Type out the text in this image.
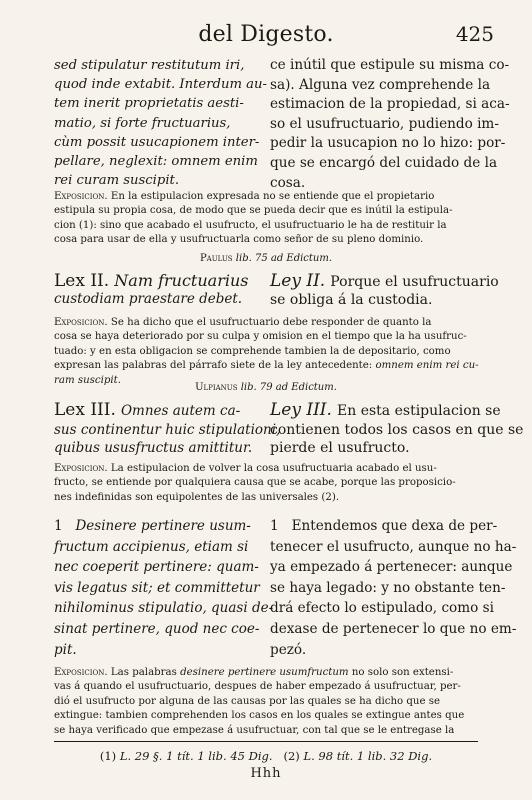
del Digesto.	425
sed stipulatur restitutum iri,
quod inde extabit. Interdum au-
tem inerit proprietatis aesti-
matio, si forte fructuarius,
cùm possit usucapionem inter-
pellare, neglexit: omnem enim
rei curam suscipit.
ce inútil que estipule su misma co-
sa). Alguna vez comprehende la
estimacion de la propiedad, si aca-
so el usufructuario, pudiendo im-
pedir la usucapion no lo hizo: por-
que se encargó del cuidado de la
cosa.
Exposicion. En la estipulacion expresada no se entiende que el propietario
estipula su propia cosa, de modo que se pueda decir que es inútil la estipula-
cion (1): sino que acabado el usufructo, el usufructuario le ha de restituir la
cosa para usar de ella y usufructuarla como señor de su pleno dominio.
Paulus lib. 75 ad Edictum.
Lex II. Nam fructuarius
custodiam praestare debet.
Ley II. Porque el usufructuario
se obliga á la custodia.
Exposicion. Se ha dicho que el usufructuario debe responder de quanto la
cosa se haya deteriorado por su culpa y omision en el tiempo que la ha usufruc-
tuado: y en esta obligacion se comprehende tambien la de depositario, como
expresan las palabras del párrafo siete de la ley antecedente: omnem enim rei cu-
ram suscipit.
Ulpianus lib. 79 ad Edictum.
Lex III. Omnes autem ca-
sus continentur huic stipulationi,
quibus ususfructus amittitur.
Ley III. En esta estipulacion se
contienen todos los casos en que se
pierde el usufructo.
Exposicion. La estipulacion de volver la cosa usufructuaria acabado el usu-
fructo, se entiende por qualquiera causa que se acabe, porque las proposicio-
nes indefinidas son equipolentes de las universales (2).
1 Desinere pertinere usum-
fructum accipienus, etiam si
nec coeperit pertinere: quam-
vis legatus sit; et committetur
nihilominus stipulatio, quasi de-
sinat pertinere, quod nec coe-
pit.
1 Entendemos que dexa de per-
tenecer el usufructo, aunque no ha-
ya empezado á pertenecer: aunque
se haya legado: y no obstante ten-
drá efecto lo estipulado, como si
dexase de pertenecer lo que no em-
pezó.
Exposicion. Las palabras desinere pertinere usumfructum no solo son extensi-
vas á quando el usufructuario, despues de haber empezado á usufructuar, per-
dió el usufructo por alguna de las causas por las quales se ha dicho que se
extingue: tambien comprehenden los casos en los quales se extingue antes que
se haya verificado que empezase á usufructuar, con tal que se le entregase la
(1) L. 29 §. 1 tít. 1 lib. 45 Dig. (2) L. 98 tít. 1 lib. 32 Dig.
Hhh
